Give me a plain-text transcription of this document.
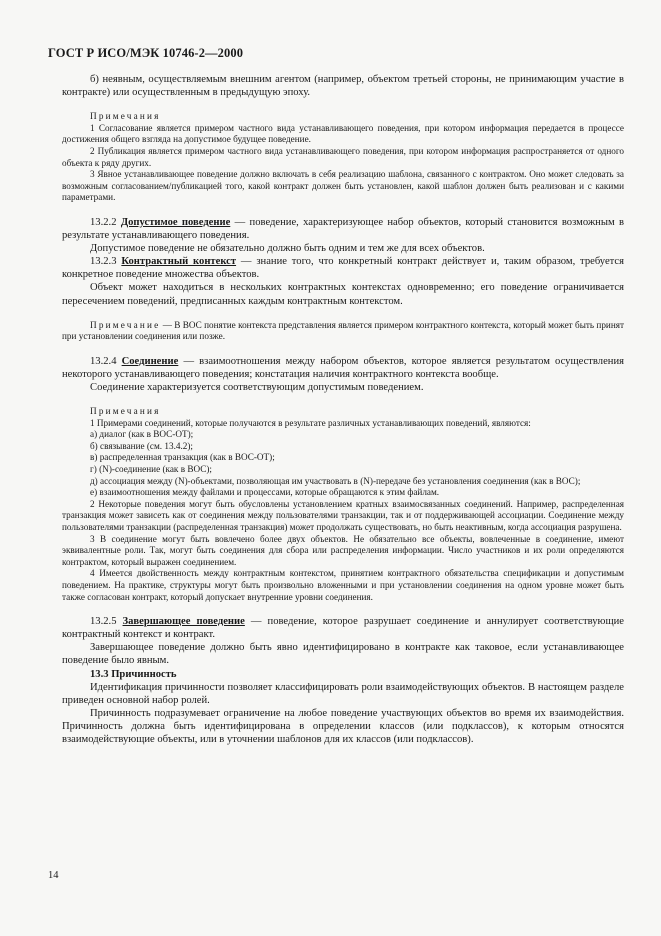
ГОСТ Р ИСО/МЭК 10746-2—2000

б) неявным, осуществляемым внешним агентом (например, объектом третьей стороны, не принимающим участие в контракте) или осуществленным в предыдущую эпоху.

Примечания

1 Согласование является примером частного вида устанавливающего поведения, при котором информация передается в процессе достижения общего взгляда на допустимое будущее поведение.

2 Публикация является примером частного вида устанавливающего поведения, при котором информация распространяется от одного объекта к ряду других.

3 Явное устанавливающее поведение должно включать в себя реализацию шаблона, связанного с контрактом. Оно может следовать за возможным согласованием/публикацией того, какой контракт должен быть установлен, какой шаблон должен быть реализован и с какими параметрами.

13.2.2 Допустимое поведение — поведение, характеризующее набор объектов, который становится возможным в результате устанавливающего поведения.

Допустимое поведение не обязательно должно быть одним и тем же для всех объектов.

13.2.3 Контрактный контекст — знание того, что конкретный контракт действует и, таким образом, требуется конкретное поведение множества объектов.

Объект может находиться в нескольких контрактных контекстах одновременно; его поведение ограничивается пересечением поведений, предписанных каждым контрактным контекстом.

Примечание — В ВОС понятие контекста представления является примером контрактного контекста, который может быть принят при установлении соединения или позже.

13.2.4 Соединение — взаимоотношения между набором объектов, которое является результатом осуществления некоторого устанавливающего поведения; констатация наличия контрактного контекста вообще.

Соединение характеризуется соответствующим допустимым поведением.

Примечания

1 Примерами соединений, которые получаются в результате различных устанавливающих поведений, являются:

а) диалог (как в ВОС-ОТ);

б) связывание (см. 13.4.2);

в) распределенная транзакция (как в ВОС-ОТ);

г) (N)-соединение (как в ВОС);

д) ассоциация между (N)-объектами, позволяющая им участвовать в (N)-передаче без установления соединения (как в ВОС);

е) взаимоотношения между файлами и процессами, которые обращаются к этим файлам.

2 Некоторые поведения могут быть обусловлены установлением кратных взаимосвязанных соединений. Например, распределенная транзакция может зависеть как от соединения между пользователями транзакции, так и от поддерживающей ассоциации. Соединение между пользователями транзакции (распределенная транзакция) может продолжать существовать, но быть неактивным, когда ассоциация разрушена.

3 В соединение могут быть вовлечено более двух объектов. Не обязательно все объекты, вовлеченные в соединение, имеют эквивалентные роли. Так, могут быть соединения для сбора или распределения информации. Число участников и их роли определяются контрактом, который выражен соединением.

4 Имеется двойственность между контрактным контекстом, принятием контрактного обязательства спецификации и допустимым поведением. На практике, структуры могут быть произвольно вложенными и при установлении соединения на одном уровне может быть также согласован контракт, который допускает внутренние уровни соединения.

13.2.5 Завершающее поведение — поведение, которое разрушает соединение и аннулирует соответствующие контрактный контекст и контракт.

Завершающее поведение должно быть явно идентифицировано в контракте как таковое, если устанавливающее поведение было явным.

13.3 Причинность

Идентификация причинности позволяет классифицировать роли взаимодействующих объектов. В настоящем разделе приведен основной набор ролей.

Причинность подразумевает ограничение на любое поведение участвующих объектов во время их взаимодействия. Причинность должна быть идентифицирована в определении классов (или подклассов), к которым относятся взаимодействующие объекты, или в уточнении шаблонов для их классов (или подклассов).

14
